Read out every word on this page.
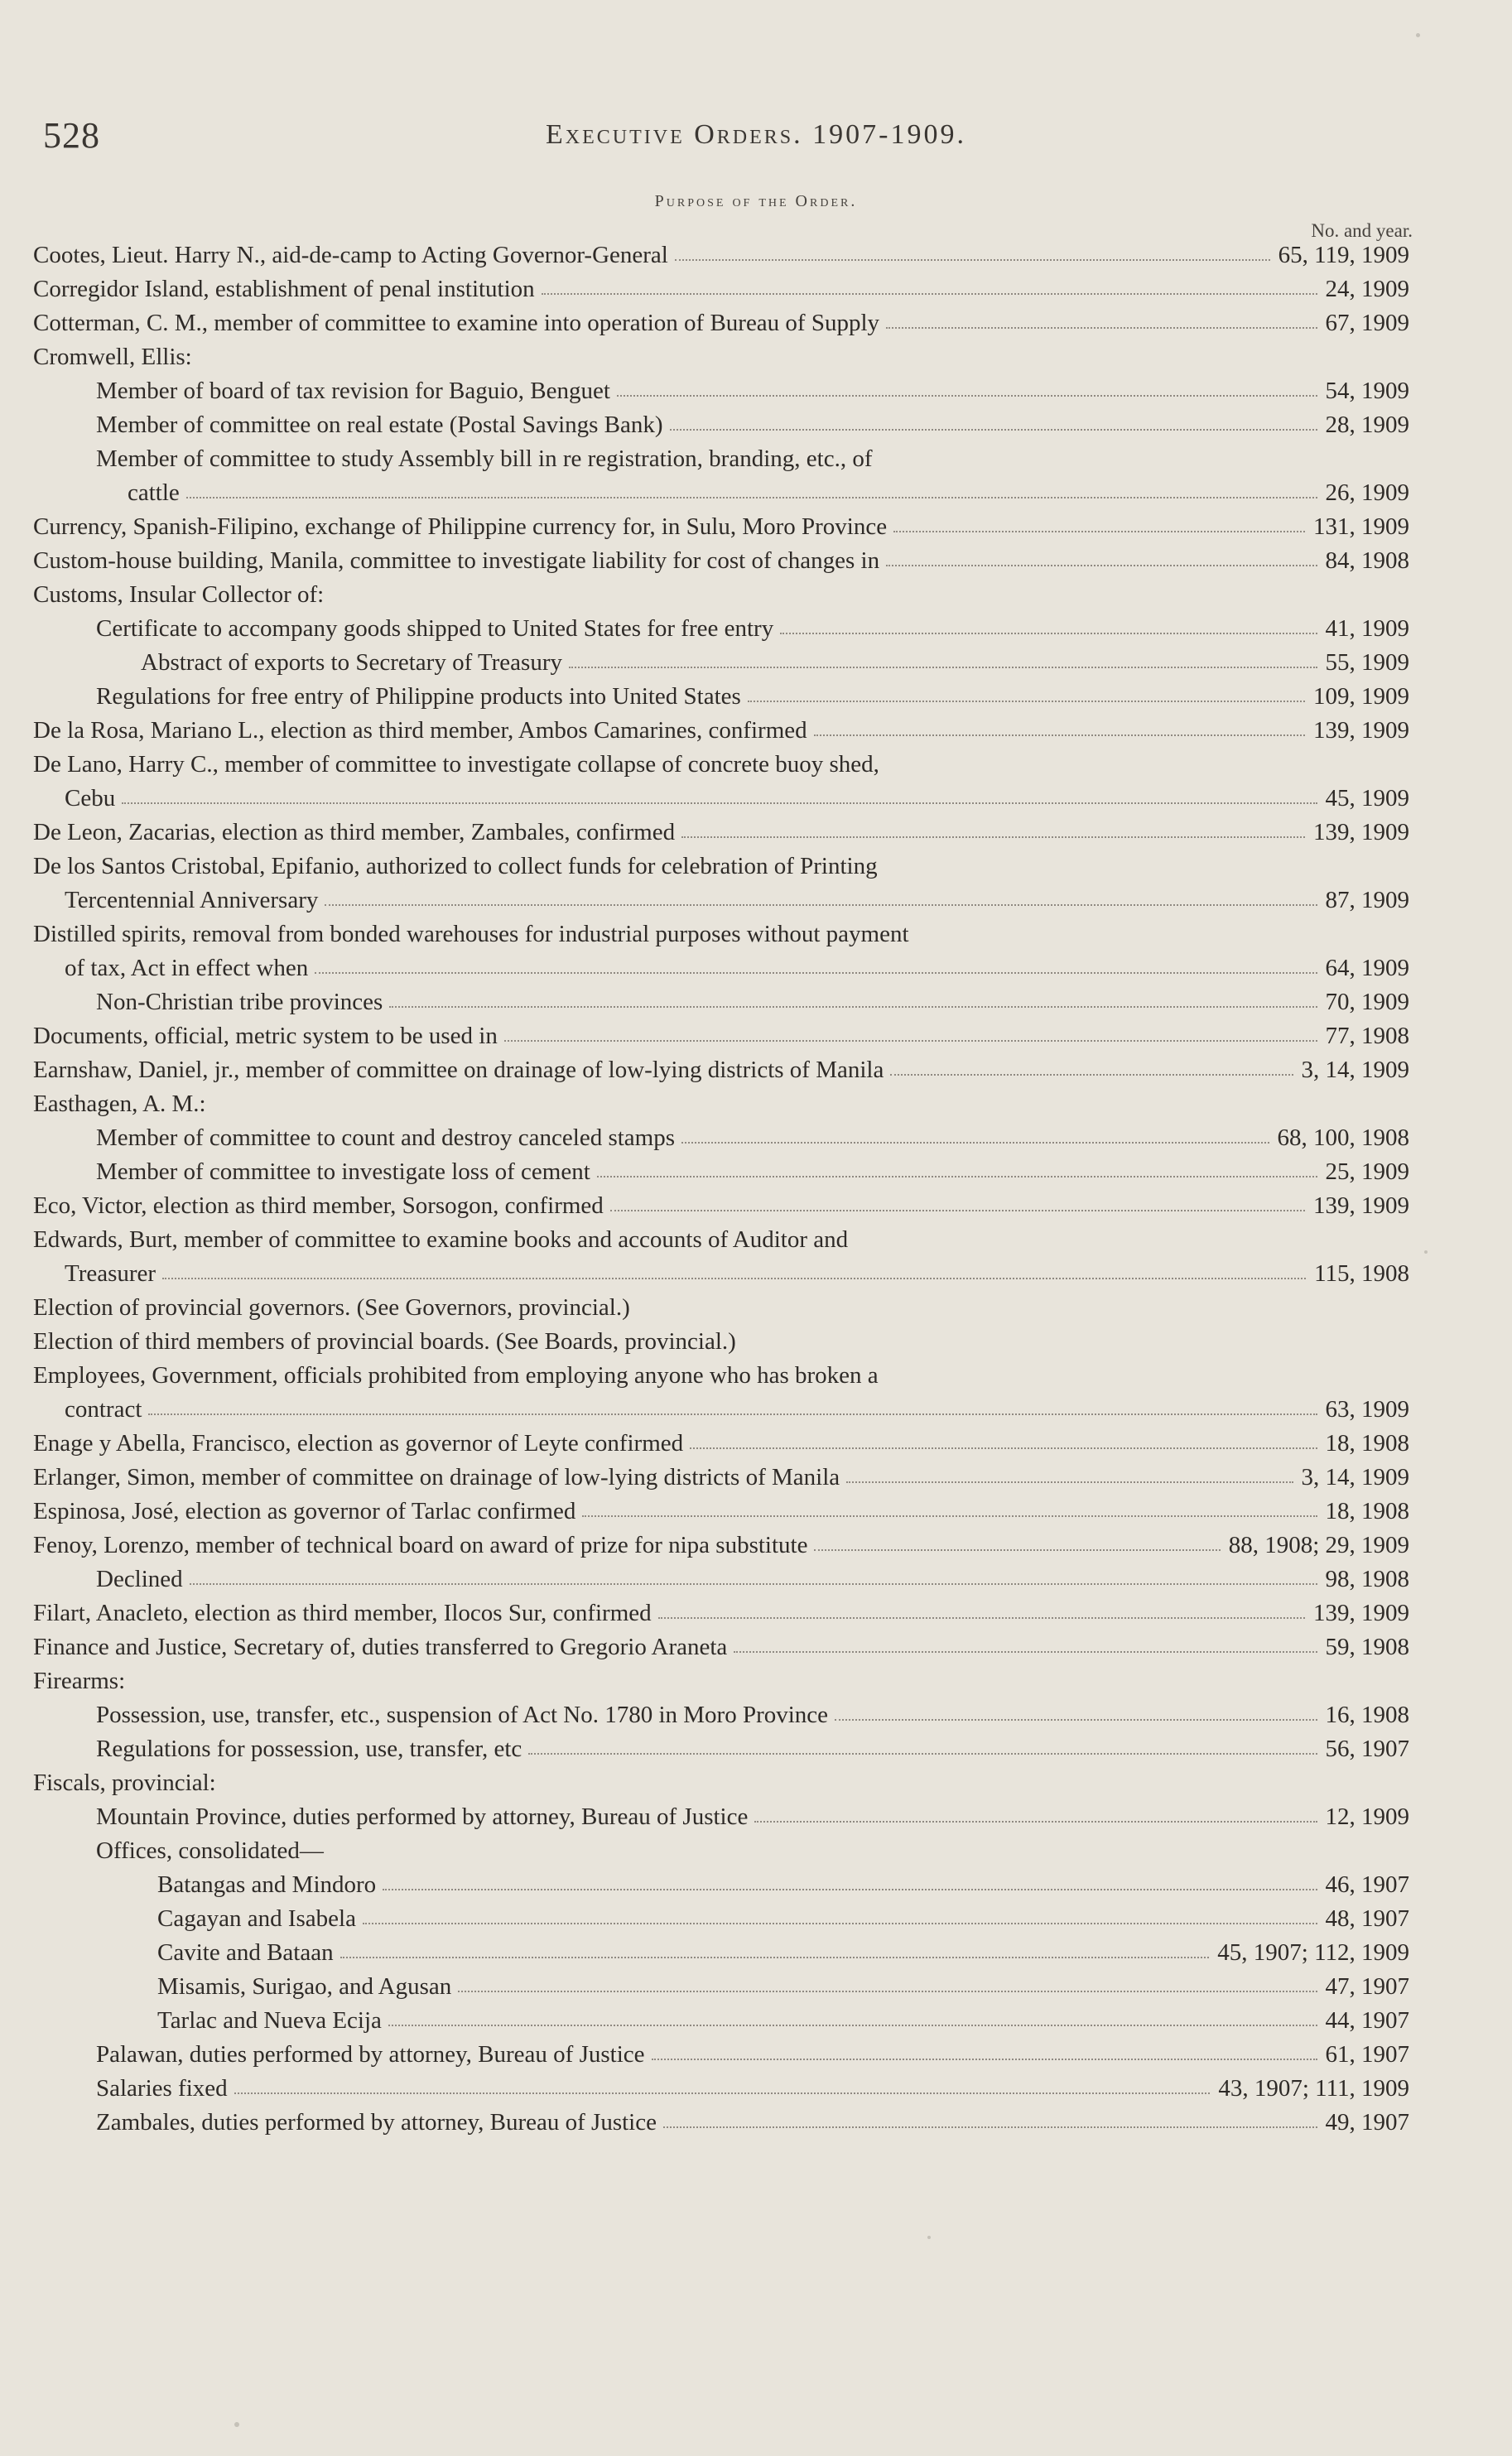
528	Executive Orders. 1907-1909.
Purpose of the Order.
No. and year.
Cootes, Lieut. Harry N., aid-de-camp to Acting Governor-General	65, 119, 1909
Corregidor Island, establishment of penal institution	24, 1909
Cotterman, C. M., member of committee to examine into operation of Bureau of Supply	67, 1909
Cromwell, Ellis:
Member of board of tax revision for Baguio, Benguet	54, 1909
Member of committee on real estate (Postal Savings Bank)	28, 1909
Member of committee to study Assembly bill in re registration, branding, etc., of
cattle	26, 1909
Currency, Spanish-Filipino, exchange of Philippine currency for, in Sulu, Moro Province	131, 1909
Custom-house building, Manila, committee to investigate liability for cost of changes in	84, 1908
Customs, Insular Collector of:
Certificate to accompany goods shipped to United States for free entry	41, 1909
Abstract of exports to Secretary of Treasury	55, 1909
Regulations for free entry of Philippine products into United States	109, 1909
De la Rosa, Mariano L., election as third member, Ambos Camarines, confirmed	139, 1909
De Lano, Harry C., member of committee to investigate collapse of concrete buoy shed,
Cebu	45, 1909
De Leon, Zacarias, election as third member, Zambales, confirmed	139, 1909
De los Santos Cristobal, Epifanio, authorized to collect funds for celebration of Printing
Tercentennial Anniversary	87, 1909
Distilled spirits, removal from bonded warehouses for industrial purposes without payment
of tax, Act in effect when	64, 1909
Non-Christian tribe provinces	70, 1909
Documents, official, metric system to be used in	77, 1908
Earnshaw, Daniel, jr., member of committee on drainage of low-lying districts of Manila	3, 14, 1909
Easthagen, A. M.:
Member of committee to count and destroy canceled stamps	68, 100, 1908
Member of committee to investigate loss of cement	25, 1909
Eco, Victor, election as third member, Sorsogon, confirmed	139, 1909
Edwards, Burt, member of committee to examine books and accounts of Auditor and
Treasurer	115, 1908
Election of provincial governors. (See Governors, provincial.)
Election of third members of provincial boards. (See Boards, provincial.)
Employees, Government, officials prohibited from employing anyone who has broken a
contract	63, 1909
Enage y Abella, Francisco, election as governor of Leyte confirmed	18, 1908
Erlanger, Simon, member of committee on drainage of low-lying districts of Manila	3, 14, 1909
Espinosa, José, election as governor of Tarlac confirmed	18, 1908
Fenoy, Lorenzo, member of technical board on award of prize for nipa substitute	88, 1908; 29, 1909
Declined	98, 1908
Filart, Anacleto, election as third member, Ilocos Sur, confirmed	139, 1909
Finance and Justice, Secretary of, duties transferred to Gregorio Araneta	59, 1908
Firearms:
Possession, use, transfer, etc., suspension of Act No. 1780 in Moro Province	16, 1908
Regulations for possession, use, transfer, etc	56, 1907
Fiscals, provincial:
Mountain Province, duties performed by attorney, Bureau of Justice	12, 1909
Offices, consolidated—
Batangas and Mindoro	46, 1907
Cagayan and Isabela	48, 1907
Cavite and Bataan	45, 1907; 112, 1909
Misamis, Surigao, and Agusan	47, 1907
Tarlac and Nueva Ecija	44, 1907
Palawan, duties performed by attorney, Bureau of Justice	61, 1907
Salaries fixed	43, 1907; 111, 1909
Zambales, duties performed by attorney, Bureau of Justice	49, 1907
